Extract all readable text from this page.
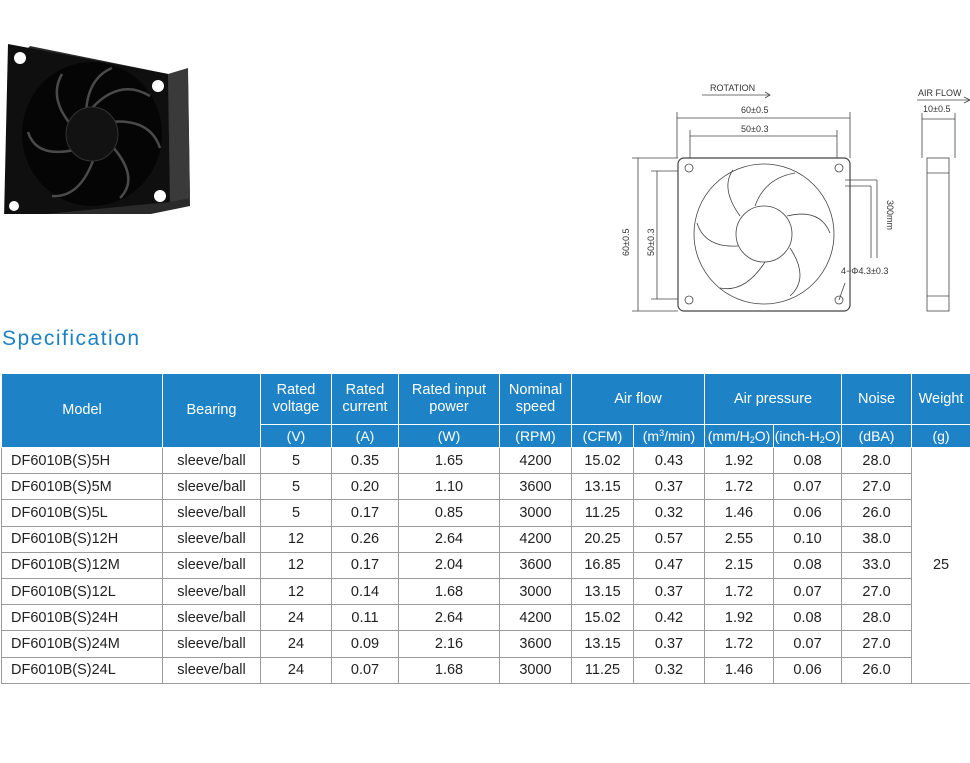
ROTATION	AIR FLOW
60±0.5
50±0.3
10±0.5
60±0.5 50±0.3
300mm
4−Φ4.3±0.3
Specification
Model	Bearing	Rated voltage	Rated current	Rated input power	Nominal speed	Air flow		Air pressure		Noise	Weight
		(V)	(A)	(W)	(RPM)	(CFM)	$(m^3/\min)$	$(mm/H_2O)$	$(inch-H_2O)$	(dBA)	(g)
DF6010B(S)5H	sleeve/ball	5	0.35	1.65	4200	15.02	0.43	1.92	0.08	28.0	25
DF6010B(S)5M	sleeve/ball	5	0.20	1.10	3600	13.15	0.37	1.72	0.07	27.0	
DF6010B(S)5L	sleeve/ball	5	0.17	0.85	3000	11.25	0.32	1.46	0.06	26.0	
DF6010B(S)12H	sleeve/ball	12	0.26	2.64	4200	20.25	0.57	2.55	0.10	38.0	
DF6010B(S)12M	sleeve/ball	12	0.17	2.04	3600	16.85	0.47	2.15	0.08	33.0	
DF6010B(S)12L	sleeve/ball	12	0.14	1.68	3000	13.15	0.37	1.72	0.07	27.0	
DF6010B(S)24H	sleeve/ball	24	0.11	2.64	4200	15.02	0.42	1.92	0.08	28.0	
DF6010B(S)24M	sleeve/ball	24	0.09	2.16	3600	13.15	0.37	1.72	0.07	27.0	
DF6010B(S)24L	sleeve/ball	24	0.07	1.68	3000	11.25	0.32	1.46	0.06	26.0	
